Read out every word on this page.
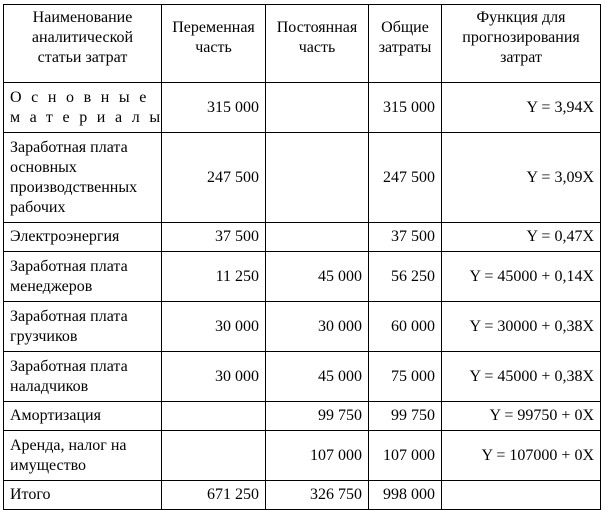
Наименование аналитической статьи затрат	Переменная часть	Постоянная часть	Общие затраты	Функция для прогнозирования затрат
Основные материалы	315 000		315 000	Y = 3,94X
Заработная плата основных производственных рабочих	247 500		247 500	Y = 3,09X
Электроэнергия	37 500		37 500	Y = 0,47X
Заработная плата менеджеров	11 250	45 000	56 250	Y = 45000 + 0,14X
Заработная плата грузчиков	30 000	30 000	60 000	Y = 30000 + 0,38X
Заработная плата наладчиков	30 000	45 000	75 000	Y = 45000 + 0,38X
Амортизация		99 750	99 750	Y = 99750 + 0X
Аренда, налог на имущество		107 000	107 000	Y = 107000 + 0X
Итого	671 250	326 750	998 000	
